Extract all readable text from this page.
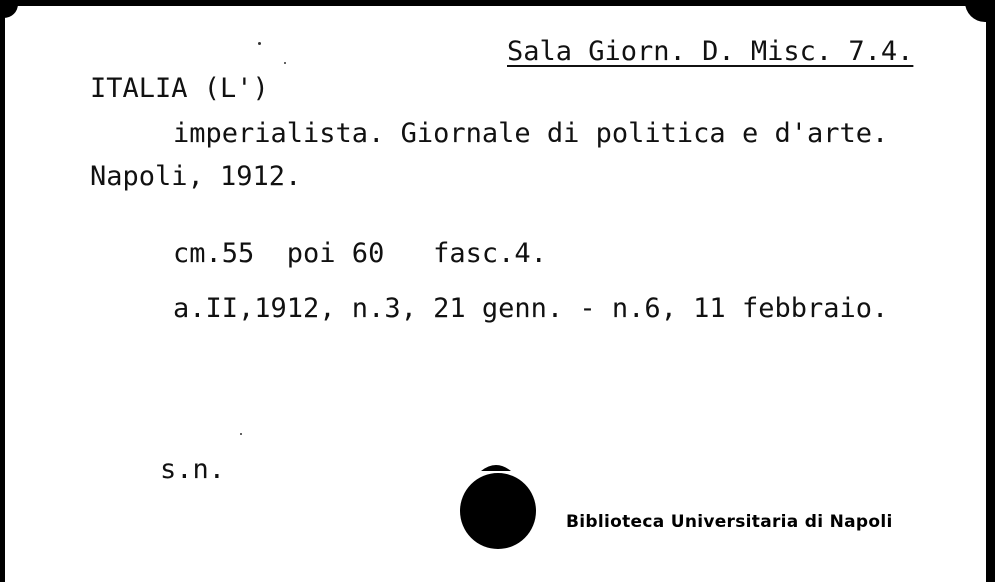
Sala Giorn. D. Misc. 7.4.
ITALIA (L')
imperialista. Giornale di politica e d'arte.
Napoli, 1912.
cm.55  poi 60   fasc.4.
a.II,1912, n.3, 21 genn. - n.6, 11 febbraio.
s.n.
Biblioteca Universitaria di Napoli
